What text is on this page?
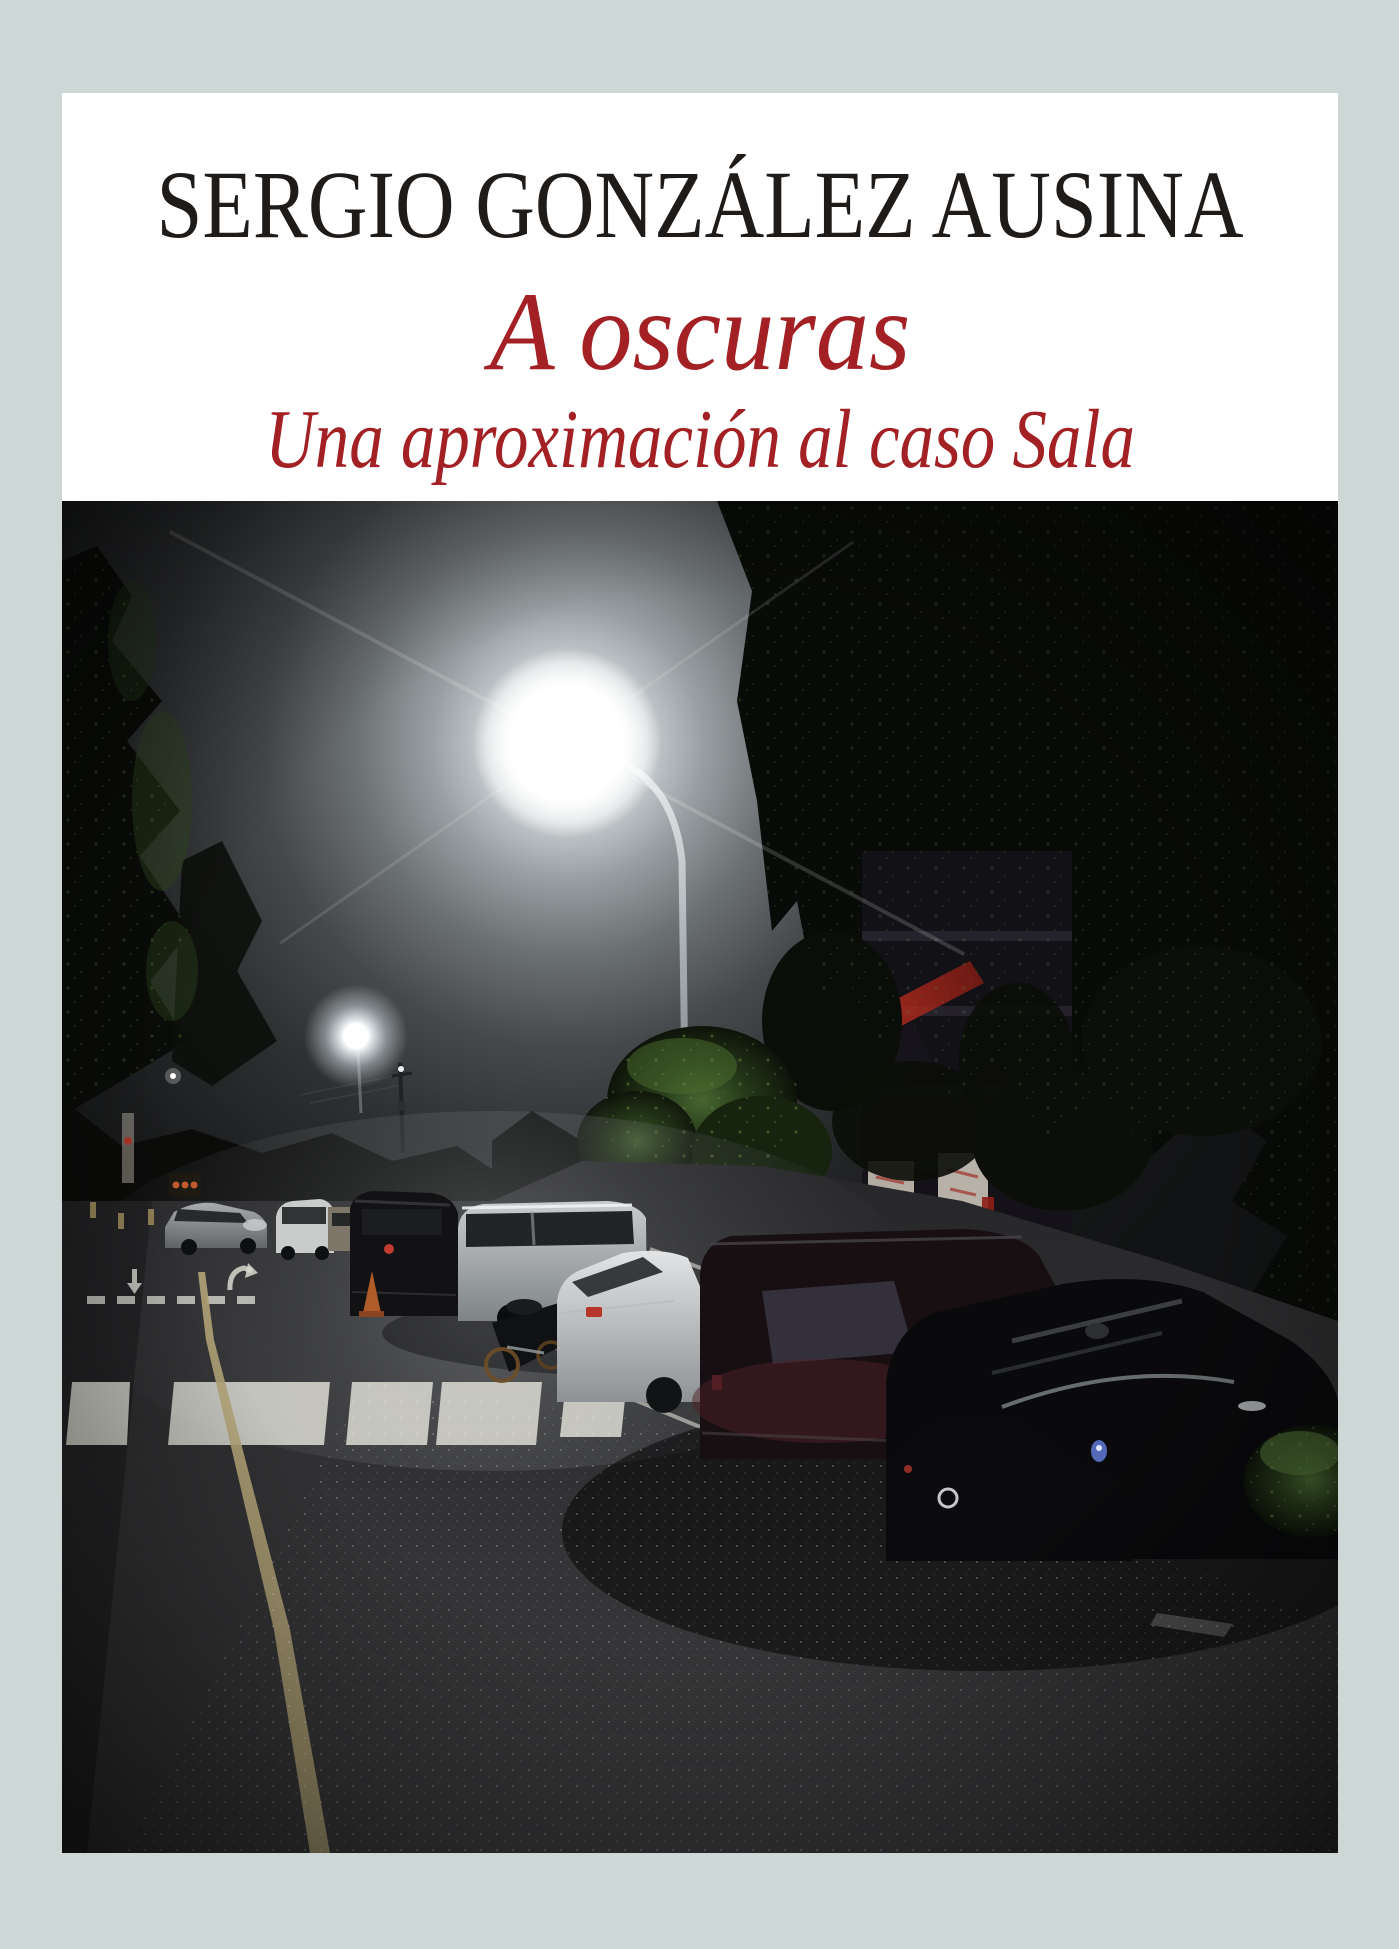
SERGIO GONZÁLEZ AUSINA
A oscuras
Una aproximación al caso Sala
